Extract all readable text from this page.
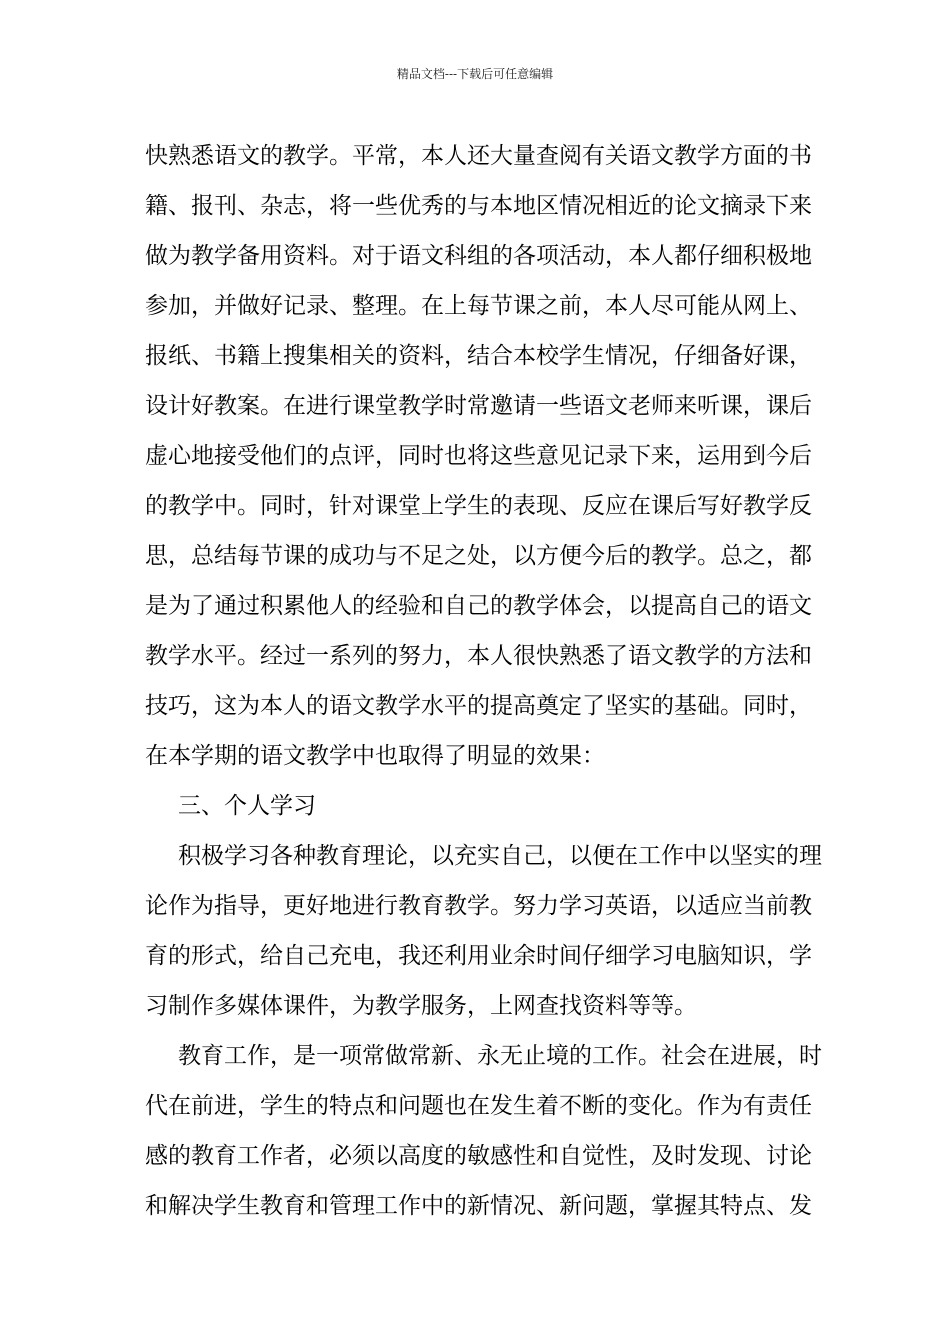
精品文档---下载后可任意编辑
快熟悉语文的教学。平常，本人还大量查阅有关语文教学方面的书
籍、报刊、杂志，将一些优秀的与本地区情况相近的论文摘录下来
做为教学备用资料。对于语文科组的各项活动，本人都仔细积极地
参加，并做好记录、整理。在上每节课之前，本人尽可能从网上、
报纸、书籍上搜集相关的资料，结合本校学生情况，仔细备好课，
设计好教案。在进行课堂教学时常邀请一些语文老师来听课，课后
虚心地接受他们的点评，同时也将这些意见记录下来，运用到今后
的教学中。同时，针对课堂上学生的表现、反应在课后写好教学反
思，总结每节课的成功与不足之处，以方便今后的教学。总之，都
是为了通过积累他人的经验和自己的教学体会，以提高自己的语文
教学水平。经过一系列的努力，本人很快熟悉了语文教学的方法和
技巧，这为本人的语文教学水平的提高奠定了坚实的基础。同时，
在本学期的语文教学中也取得了明显的效果：
三、个人学习
积极学习各种教育理论，以充实自己，以便在工作中以坚实的理
论作为指导，更好地进行教育教学。努力学习英语，以适应当前教
育的形式，给自己充电，我还利用业余时间仔细学习电脑知识，学
习制作多媒体课件，为教学服务，上网查找资料等等。
教育工作，是一项常做常新、永无止境的工作。社会在进展，时
代在前进，学生的特点和问题也在发生着不断的变化。作为有责任
感的教育工作者，必须以高度的敏感性和自觉性，及时发现、讨论
和解决学生教育和管理工作中的新情况、新问题，掌握其特点、发
